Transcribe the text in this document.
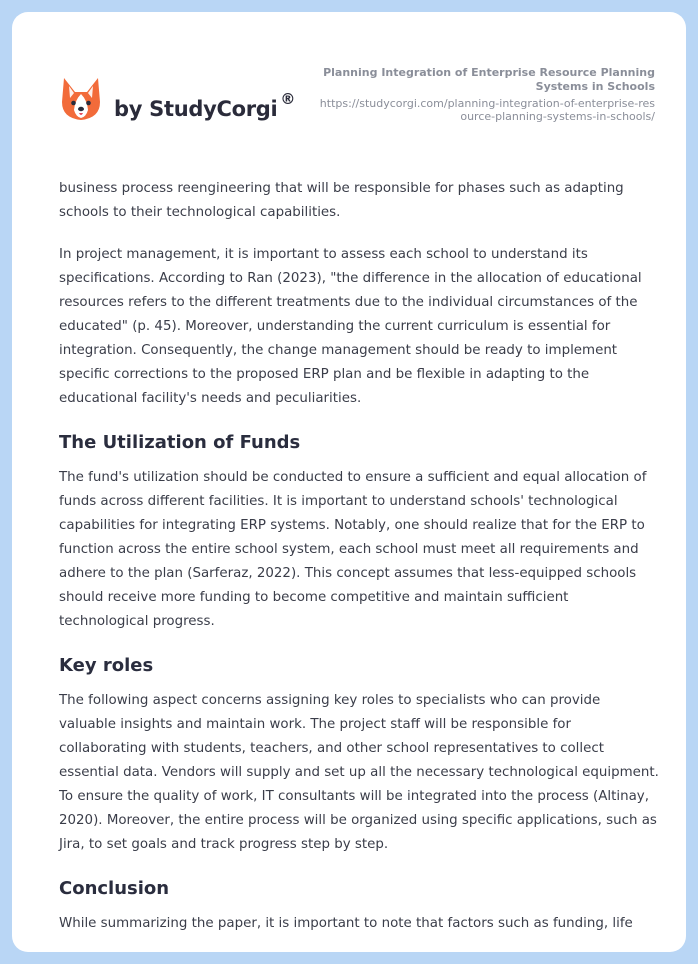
by StudyCorgi ®
Planning Integration of Enterprise Resource Planning Systems in Schools
https://studycorgi.com/planning-integration-of-enterprise-resource-planning-systems-in-schools/

business process reengineering that will be responsible for phases such as adapting schools to their technological capabilities.

In project management, it is important to assess each school to understand its specifications. According to Ran (2023), "the difference in the allocation of educational resources refers to the different treatments due to the individual circumstances of the educated" (p. 45). Moreover, understanding the current curriculum is essential for integration. Consequently, the change management should be ready to implement specific corrections to the proposed ERP plan and be flexible in adapting to the educational facility's needs and peculiarities.

The Utilization of Funds

The fund's utilization should be conducted to ensure a sufficient and equal allocation of funds across different facilities. It is important to understand schools' technological capabilities for integrating ERP systems. Notably, one should realize that for the ERP to function across the entire school system, each school must meet all requirements and adhere to the plan (Sarferaz, 2022). This concept assumes that less-equipped schools should receive more funding to become competitive and maintain sufficient technological progress.

Key roles

The following aspect concerns assigning key roles to specialists who can provide valuable insights and maintain work. The project staff will be responsible for collaborating with students, teachers, and other school representatives to collect essential data. Vendors will supply and set up all the necessary technological equipment. To ensure the quality of work, IT consultants will be integrated into the process (Altinay, 2020). Moreover, the entire process will be organized using specific applications, such as Jira, to set goals and track progress step by step.

Conclusion

While summarizing the paper, it is important to note that factors such as funding, life
